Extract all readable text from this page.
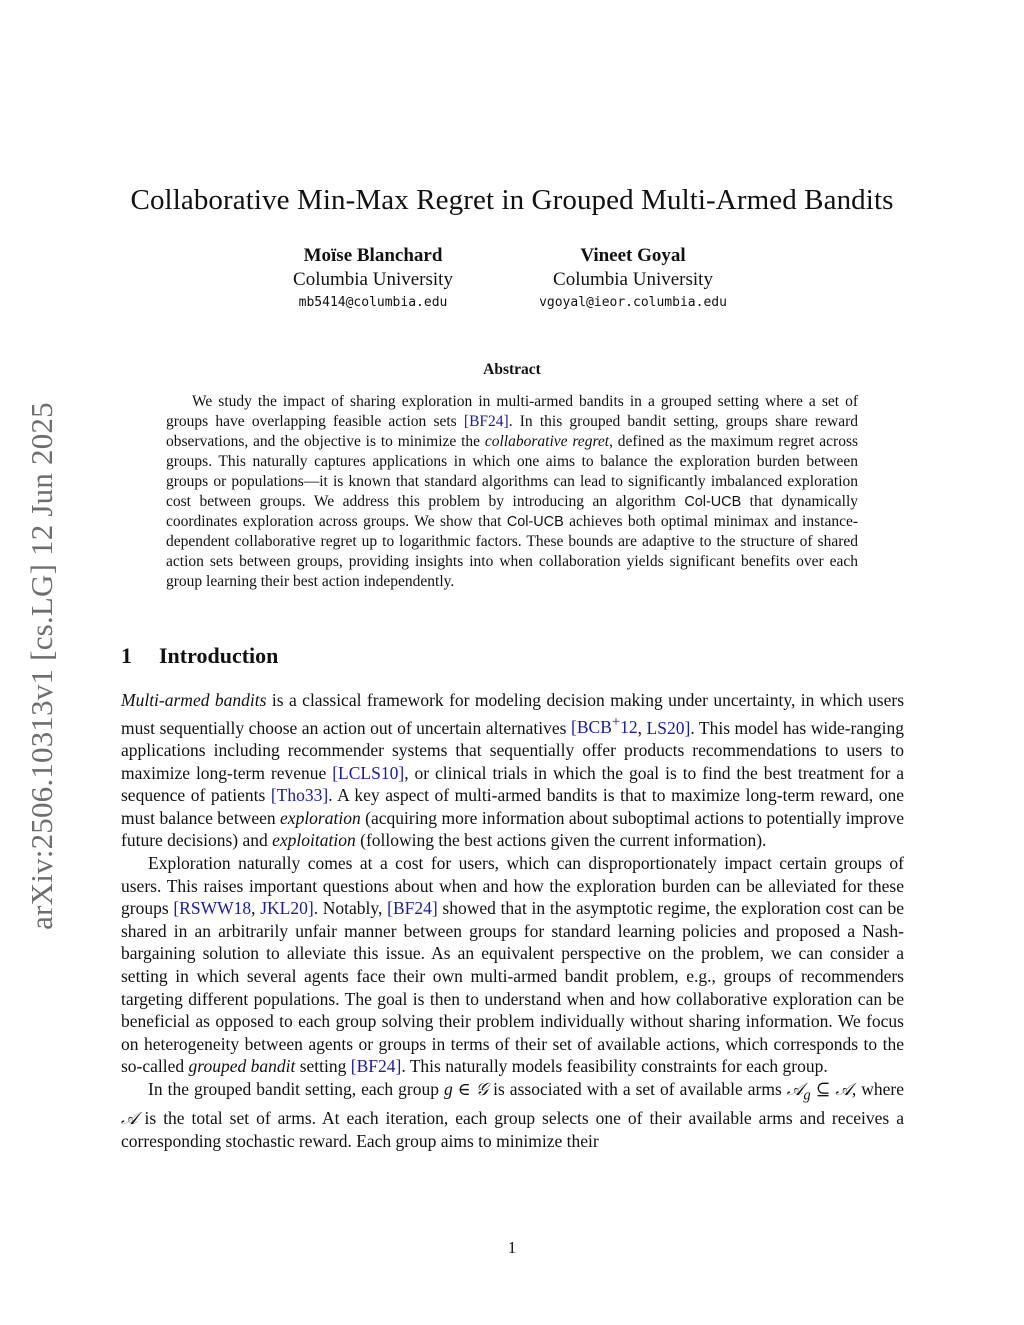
arXiv:2506.10313v1 [cs.LG] 12 Jun 2025
Collaborative Min-Max Regret in Grouped Multi-Armed Bandits
Moïse Blanchard
Columbia University
mb5414@columbia.edu
Vineet Goyal
Columbia University
vgoyal@ieor.columbia.edu
Abstract

We study the impact of sharing exploration in multi-armed bandits in a grouped setting where a set of groups have overlapping feasible action sets [BF24]. In this grouped bandit setting, groups share reward observations, and the objective is to minimize the collaborative regret, defined as the maximum regret across groups. This naturally captures applications in which one aims to balance the exploration burden between groups or populations—it is known that standard algorithms can lead to significantly imbalanced exploration cost between groups. We address this problem by introducing an algorithm Col-UCB that dynamically coordinates exploration across groups. We show that Col-UCB achieves both optimal minimax and instance-dependent collaborative regret up to logarithmic factors. These bounds are adaptive to the structure of shared action sets between groups, providing insights into when collaboration yields significant benefits over each group learning their best action independently.

1 Introduction

Multi-armed bandits is a classical framework for modeling decision making under uncertainty, in which users must sequentially choose an action out of uncertain alternatives [BCB+12, LS20]. This model has wide-ranging applications including recommender systems that sequentially offer products recommendations to users to maximize long-term revenue [LCLS10], or clinical trials in which the goal is to find the best treatment for a sequence of patients [Tho33]. A key aspect of multi-armed bandits is that to maximize long-term reward, one must balance between exploration (acquiring more information about suboptimal actions to potentially improve future decisions) and exploitation (following the best actions given the current information).

Exploration naturally comes at a cost for users, which can disproportionately impact certain groups of users. This raises important questions about when and how the exploration burden can be alleviated for these groups [RSWW18, JKL20]. Notably, [BF24] showed that in the asymptotic regime, the exploration cost can be shared in an arbitrarily unfair manner between groups for standard learning policies and proposed a Nash-bargaining solution to alleviate this issue. As an equivalent perspective on the problem, we can consider a setting in which several agents face their own multi-armed bandit problem, e.g., groups of recommenders targeting different populations. The goal is then to understand when and how collaborative exploration can be beneficial as opposed to each group solving their problem individually without sharing information. We focus on heterogeneity between agents or groups in terms of their set of available actions, which corresponds to the so-called grouped bandit setting [BF24]. This naturally models feasibility constraints for each group.

In the grouped bandit setting, each group g ∈ 𝒢 is associated with a set of available arms 𝒜$_g$ ⊆ 𝒜, where 𝒜 is the total set of arms. At each iteration, each group selects one of their available arms and receives a corresponding stochastic reward. Each group aims to minimize their

1
